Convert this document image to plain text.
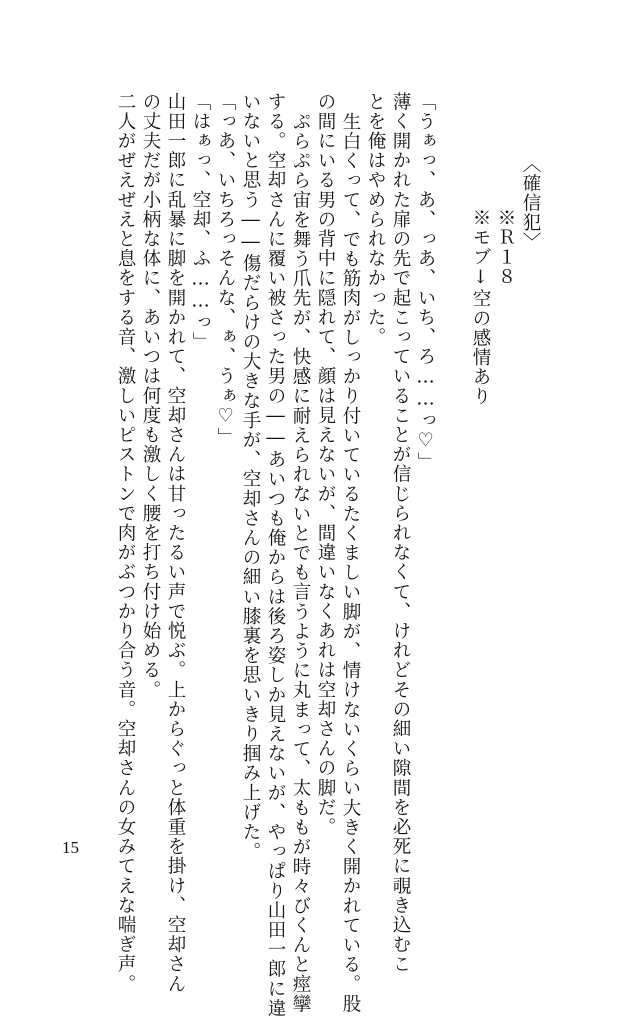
〈確信犯〉
※Ｒ１８
※モブ↓空の感情あり
「うぁっ、あ、っあ、いち、ろ……っ♡」
薄く開かれた扉の先で起こっていることが信じられなくて、けれどその細い隙間を必死に覗き込むこ
とを俺はやめられなかった。
生白くって、でも筋肉がしっかり付いているたくましい脚が、情けないくらい大きく開かれている。股
の間にいる男の背中に隠れて、顔は見えないが、間違いなくあれは空却さんの脚だ。
ぷらぷら宙を舞う爪先が、快感に耐えられないとでも言うように丸まって、太ももが時々びくんと痙攣
する。空却さんに覆い被さった男の――あいつも俺からは後ろ姿しか見えないが、やっぱり山田一郎に違
いないと思う――傷だらけの大きな手が、空却さんの細い膝裏を思いきり掴み上げた。
「っあ、いちろっそんな、ぁ、うぁ♡」
「はぁっ、空却、ふ……っ」
山田一郎に乱暴に脚を開かれて、空却さんは甘ったるい声で悦ぶ。上からぐっと体重を掛け、空却さん
の丈夫だが小柄な体に、あいつは何度も激しく腰を打ち付け始める。
二人がぜえぜえと息をする音、激しいピストンで肉がぶつかり合う音。空却さんの女みてえな喘ぎ声。
15
